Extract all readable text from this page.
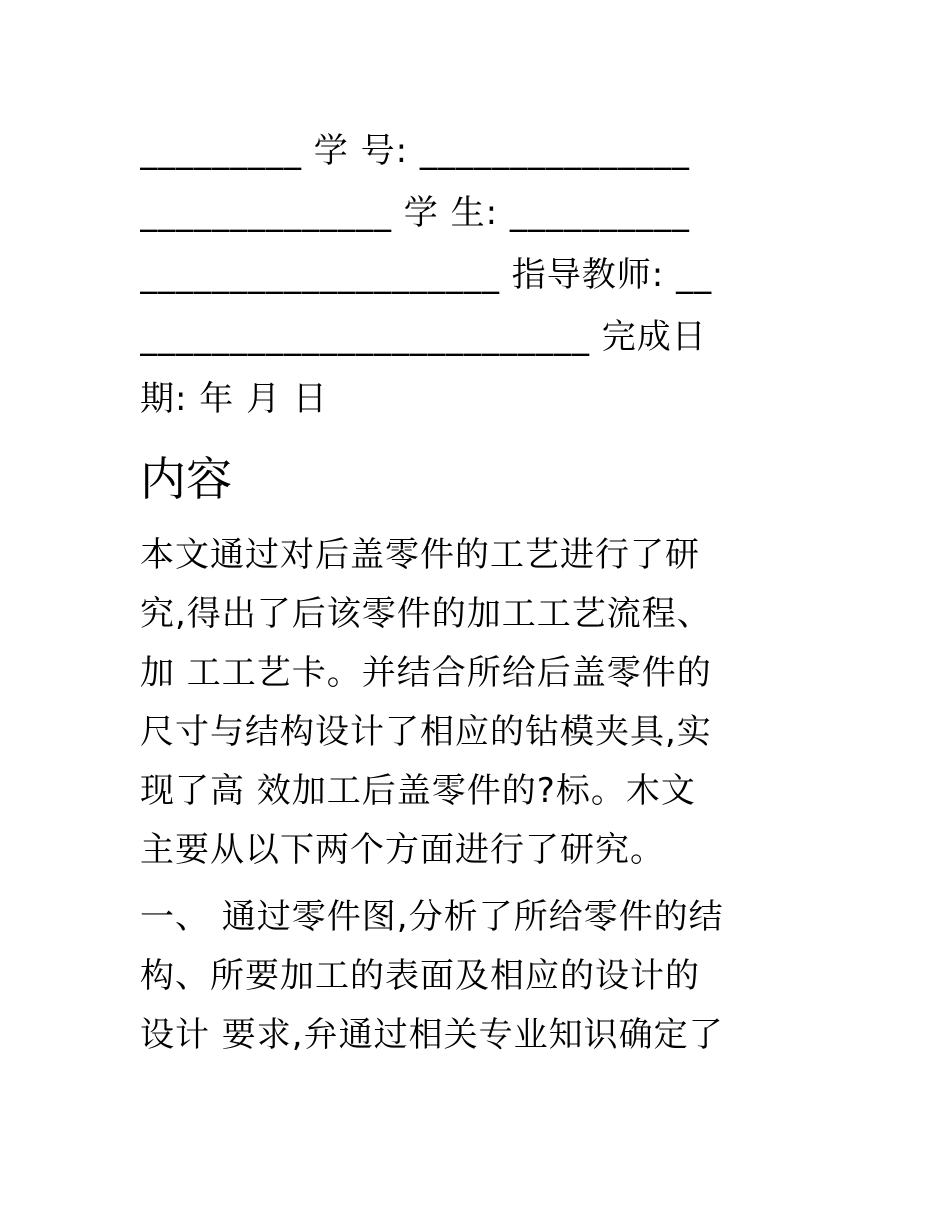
_________ 学 号: _______________
______________ 学 生: __________
____________________ 指导教师: __
_________________________ 完成日
期: 年 月 日
内容
本文通过对后盖零件的工艺进行了研
究,得出了后该零件的加工工艺流程、
加 工工艺卡。并结合所给后盖零件的
尺寸与结构设计了相应的钻模夹具,实
现了高 效加工后盖零件的?标。木文
主要从以下两个方面进行了研究。
一、 通过零件图,分析了所给零件的结
构、所要加工的表面及相应的设计的
设计 要求,弁通过相关专业知识确定了
